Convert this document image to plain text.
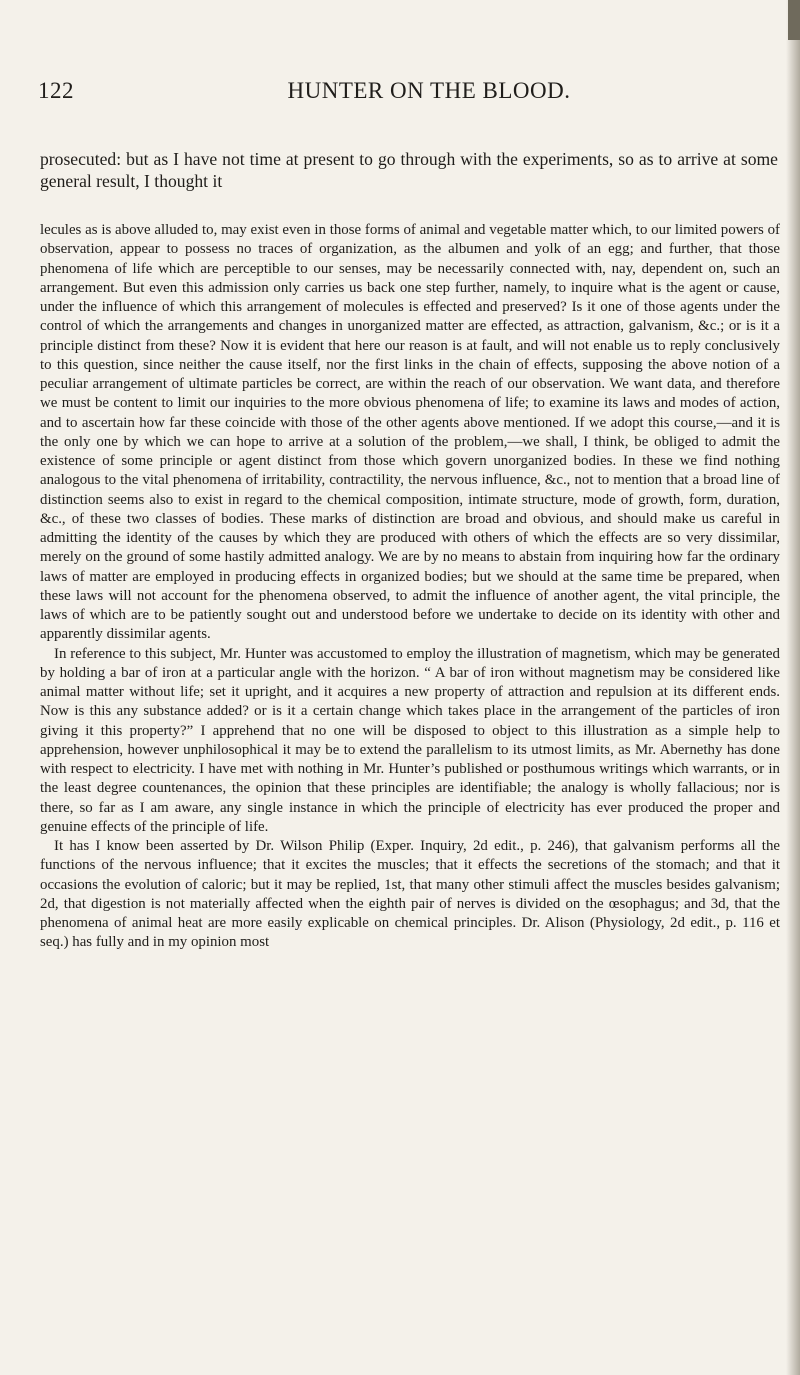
122	HUNTER ON THE BLOOD.

prosecuted: but as I have not time at present to go through with the experiments, so as to arrive at some general result, I thought it

lecules as is above alluded to, may exist even in those forms of animal and vegetable matter which, to our limited powers of observation, appear to possess no traces of organization, as the albumen and yolk of an egg; and further, that those phenomena of life which are perceptible to our senses, may be necessarily connected with, nay, dependent on, such an arrangement. But even this admission only carries us back one step further, namely, to inquire what is the agent or cause, under the influence of which this arrangement of molecules is effected and preserved? Is it one of those agents under the control of which the arrangements and changes in unorganized matter are effected, as attraction, galvanism, &c.; or is it a principle distinct from these? Now it is evident that here our reason is at fault, and will not enable us to reply conclusively to this question, since neither the cause itself, nor the first links in the chain of effects, supposing the above notion of a peculiar arrangement of ultimate particles be correct, are within the reach of our observation. We want data, and therefore we must be content to limit our inquiries to the more obvious phenomena of life; to examine its laws and modes of action, and to ascertain how far these coincide with those of the other agents above mentioned. If we adopt this course,—and it is the only one by which we can hope to arrive at a solution of the problem,—we shall, I think, be obliged to admit the existence of some principle or agent distinct from those which govern unorganized bodies. In these we find nothing analogous to the vital phenomena of irritability, contractility, the nervous influence, &c., not to mention that a broad line of distinction seems also to exist in regard to the chemical composition, intimate structure, mode of growth, form, duration, &c., of these two classes of bodies. These marks of distinction are broad and obvious, and should make us careful in admitting the identity of the causes by which they are produced with others of which the effects are so very dissimilar, merely on the ground of some hastily admitted analogy. We are by no means to abstain from inquiring how far the ordinary laws of matter are employed in producing effects in organized bodies; but we should at the same time be prepared, when these laws will not account for the phenomena observed, to admit the influence of another agent, the vital principle, the laws of which are to be patiently sought out and understood before we undertake to decide on its identity with other and apparently dissimilar agents.

In reference to this subject, Mr. Hunter was accustomed to employ the illustration of magnetism, which may be generated by holding a bar of iron at a particular angle with the horizon. “ A bar of iron without magnetism may be considered like animal matter without life; set it upright, and it acquires a new property of attraction and repulsion at its different ends. Now is this any substance added? or is it a certain change which takes place in the arrangement of the particles of iron giving it this property?” I apprehend that no one will be disposed to object to this illustration as a simple help to apprehension, however unphilosophical it may be to extend the parallelism to its utmost limits, as Mr. Abernethy has done with respect to electricity. I have met with nothing in Mr. Hunter’s published or posthumous writings which warrants, or in the least degree countenances, the opinion that these principles are identifiable; the analogy is wholly fallacious; nor is there, so far as I am aware, any single instance in which the principle of electricity has ever produced the proper and genuine effects of the principle of life.

It has I know been asserted by Dr. Wilson Philip (Exper. Inquiry, 2d edit., p. 246), that galvanism performs all the functions of the nervous influence; that it excites the muscles; that it effects the secretions of the stomach; and that it occasions the evolution of caloric; but it may be replied, 1st, that many other stimuli affect the muscles besides galvanism; 2d, that digestion is not materially affected when the eighth pair of nerves is divided on the œsophagus; and 3d, that the phenomena of animal heat are more easily explicable on chemical principles. Dr. Alison (Physiology, 2d edit., p. 116 et seq.) has fully and in my opinion most
